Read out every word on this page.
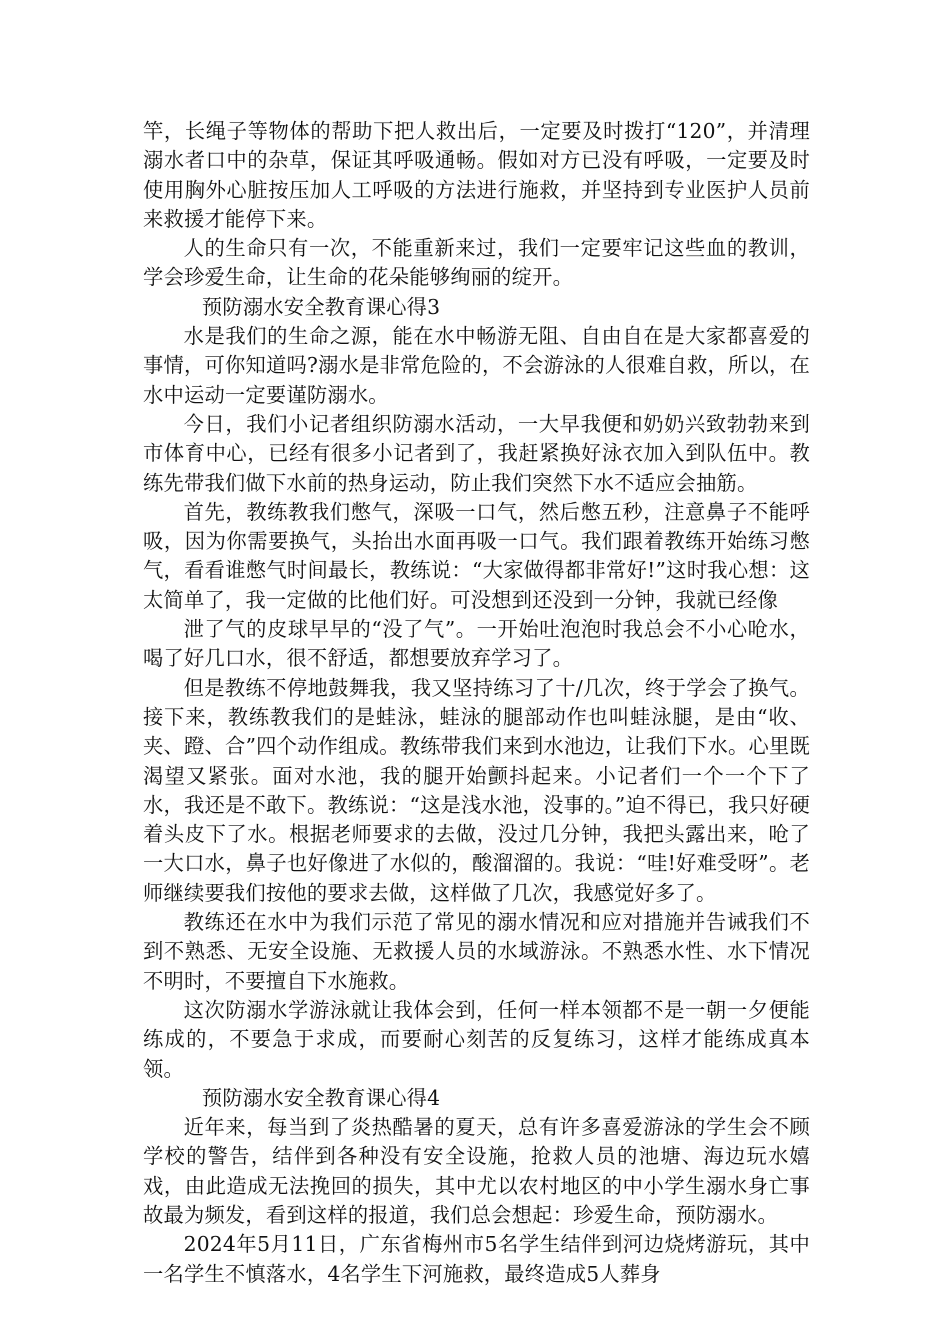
竿，长绳子等物体的帮助下把人救出后，一定要及时拨打“120”，并清理溺水者口中的杂草，保证其呼吸通畅。假如对方已没有呼吸，一定要及时使用胸外心脏按压加人工呼吸的方法进行施救，并坚持到专业医护人员前来救援才能停下来。

人的生命只有一次，不能重新来过，我们一定要牢记这些血的教训，学会珍爱生命，让生命的花朵能够绚丽的绽开。

预防溺水安全教育课心得3

水是我们的生命之源，能在水中畅游无阻、自由自在是大家都喜爱的事情，可你知道吗?溺水是非常危险的，不会游泳的人很难自救，所以，在水中运动一定要谨防溺水。

今日，我们小记者组织防溺水活动，一大早我便和奶奶兴致勃勃来到市体育中心，已经有很多小记者到了，我赶紧换好泳衣加入到队伍中。教练先带我们做下水前的热身运动，防止我们突然下水不适应会抽筋。

首先，教练教我们憋气，深吸一口气，然后憋五秒，注意鼻子不能呼吸，因为你需要换气，头抬出水面再吸一口气。我们跟着教练开始练习憋气，看看谁憋气时间最长，教练说：“大家做得都非常好!”这时我心想：这太简单了，我一定做的比他们好。可没想到还没到一分钟，我就已经像

泄了气的皮球早早的“没了气”。一开始吐泡泡时我总会不小心呛水，喝了好几口水，很不舒适，都想要放弃学习了。

但是教练不停地鼓舞我，我又坚持练习了十/几次，终于学会了换气。接下来，教练教我们的是蛙泳，蛙泳的腿部动作也叫蛙泳腿，是由“收、夹、蹬、合”四个动作组成。教练带我们来到水池边，让我们下水。心里既渴望又紧张。面对水池，我的腿开始颤抖起来。小记者们一个一个下了水，我还是不敢下。教练说：“这是浅水池，没事的。”迫不得已，我只好硬着头皮下了水。根据老师要求的去做，没过几分钟，我把头露出来，呛了一大口水，鼻子也好像进了水似的，酸溜溜的。我说：“哇!好难受呀”。老师继续要我们按他的要求去做，这样做了几次，我感觉好多了。

教练还在水中为我们示范了常见的溺水情况和应对措施并告诫我们不到不熟悉、无安全设施、无救援人员的水域游泳。不熟悉水性、水下情况不明时，不要擅自下水施救。

这次防溺水学游泳就让我体会到，任何一样本领都不是一朝一夕便能练成的，不要急于求成，而要耐心刻苦的反复练习，这样才能练成真本领。

预防溺水安全教育课心得4

近年来，每当到了炎热酷暑的夏天，总有许多喜爱游泳的学生会不顾学校的警告，结伴到各种没有安全设施，抢救人员的池塘、海边玩水嬉戏，由此造成无法挽回的损失，其中尤以农村地区的中小学生溺水身亡事故最为频发，看到这样的报道，我们总会想起：珍爱生命，预防溺水。

2024年5月11日，广东省梅州市5名学生结伴到河边烧烤游玩，其中一名学生不慎落水，4名学生下河施救，最终造成5人葬身
